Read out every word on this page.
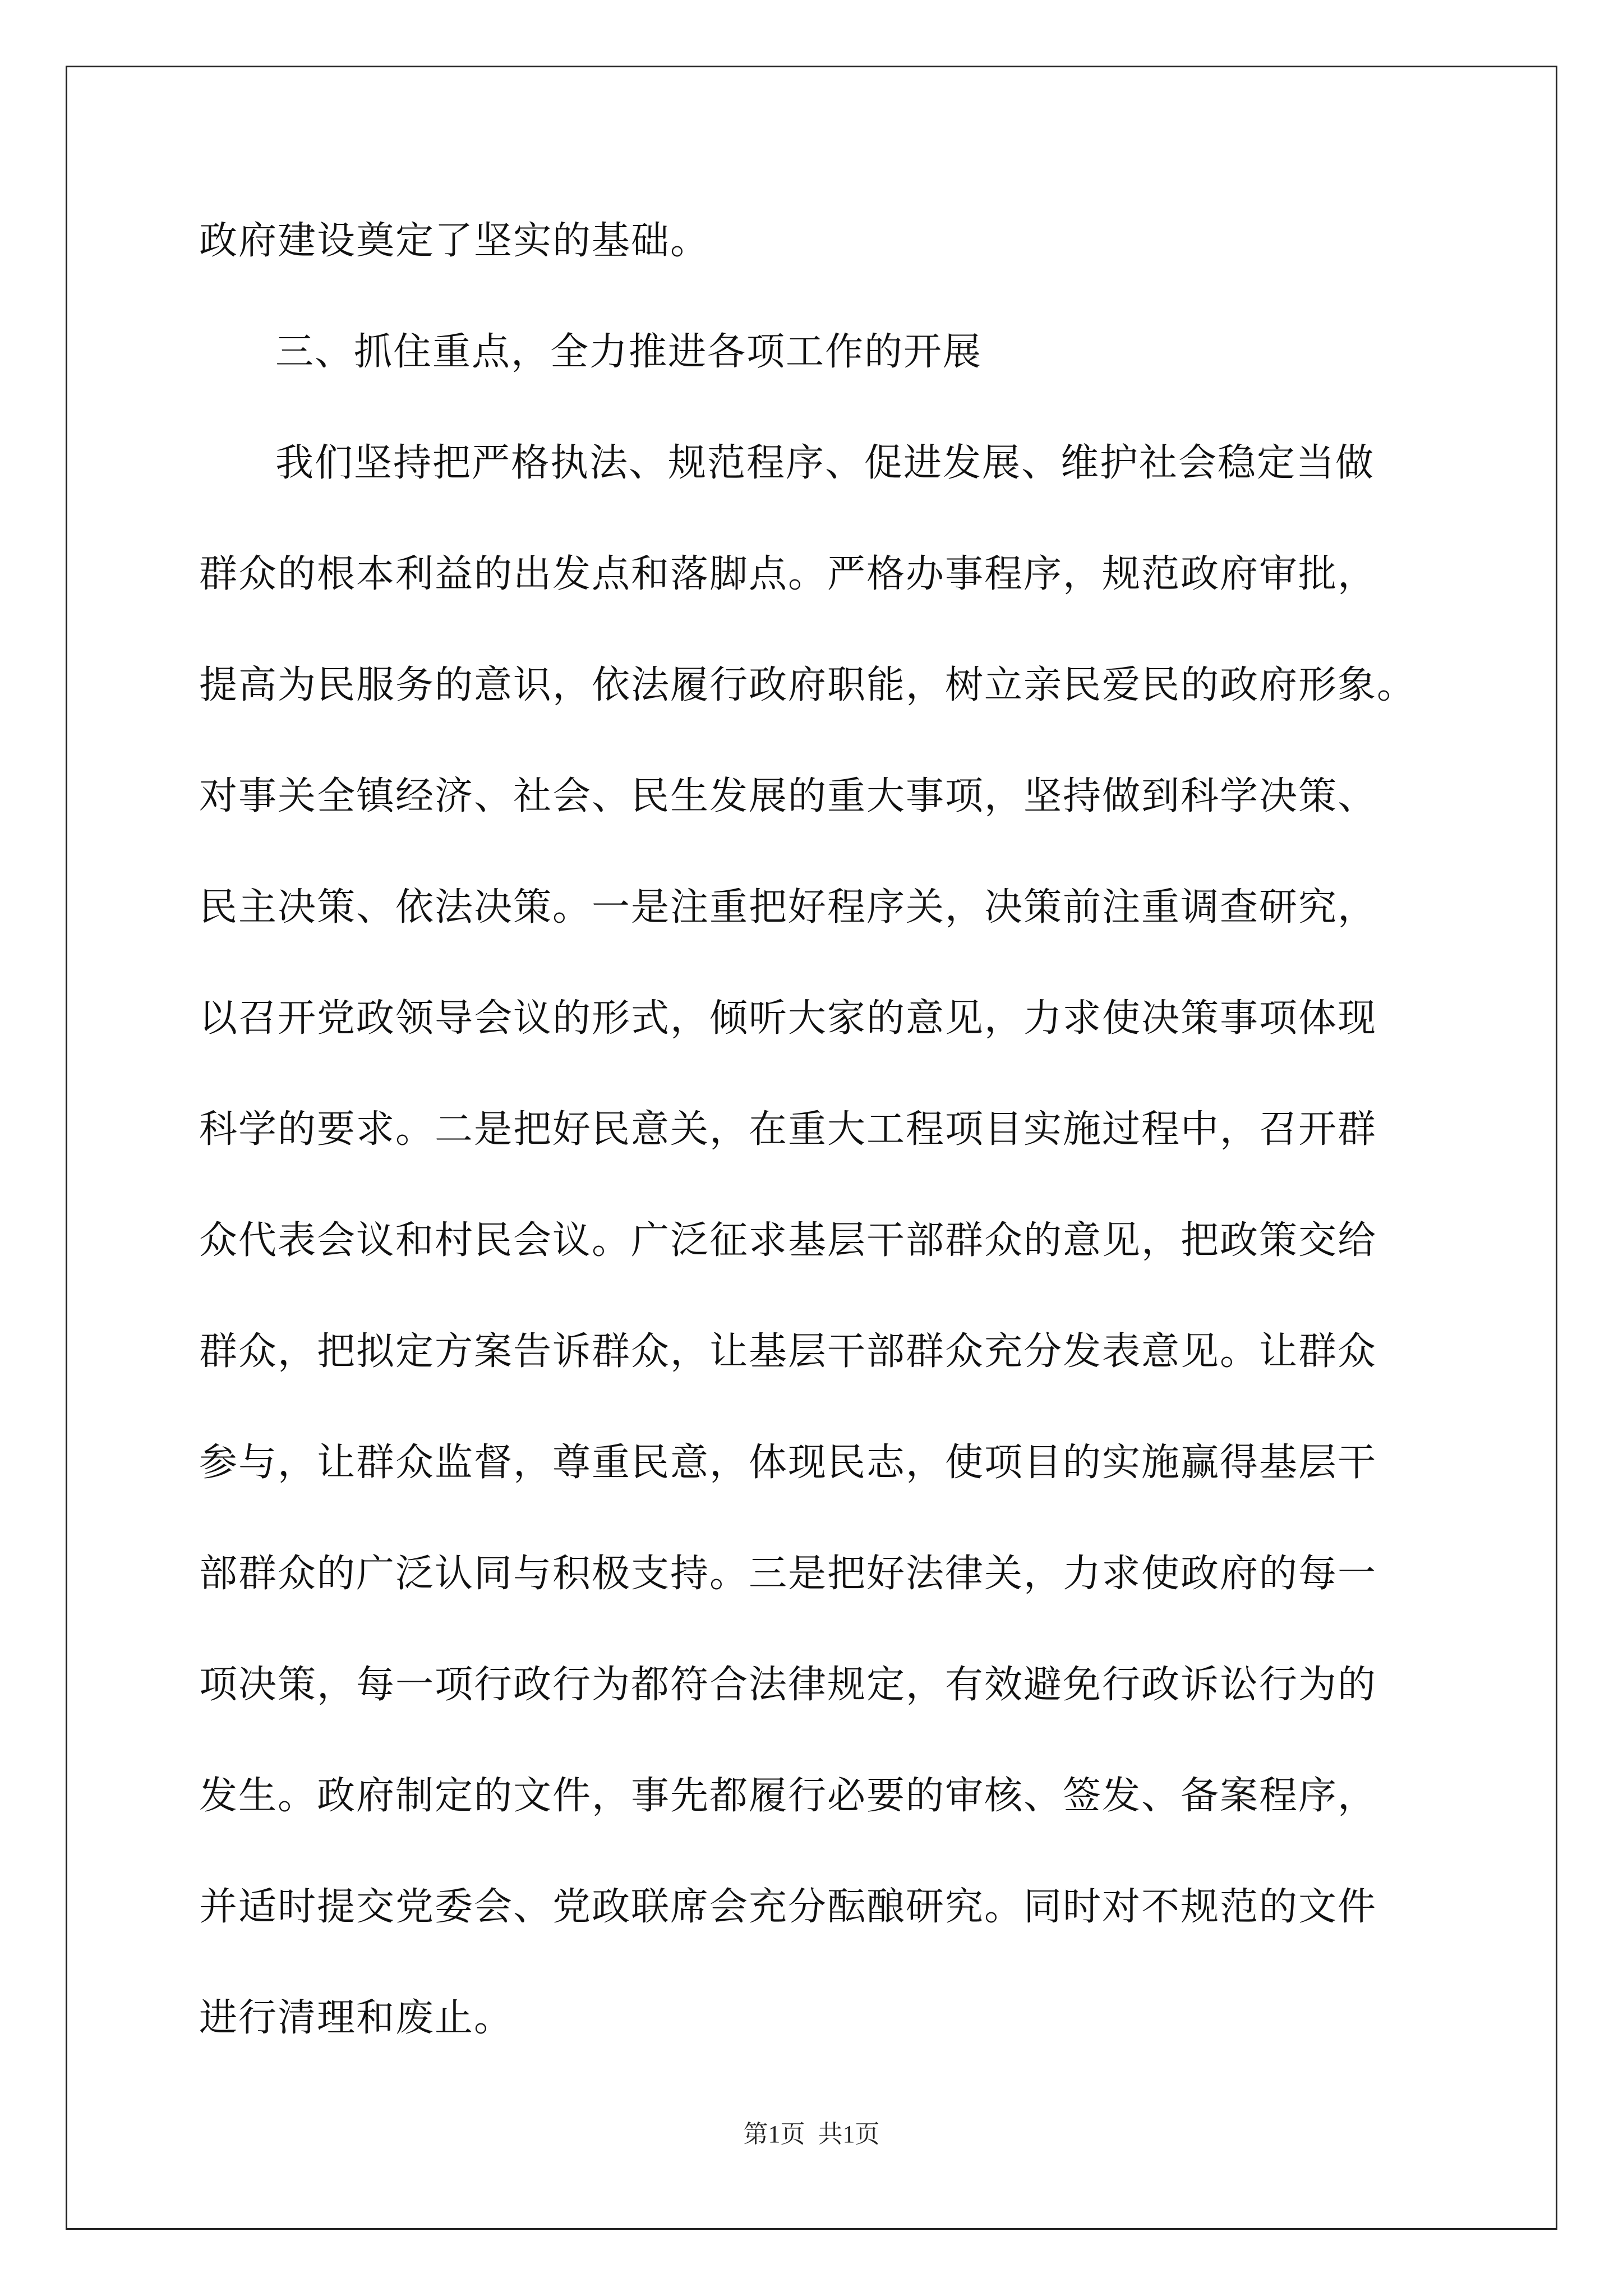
政府建设奠定了坚实的基础。
三、抓住重点，全力推进各项工作的开展
我们坚持把严格执法、规范程序、促进发展、维护社会稳定当做
群众的根本利益的出发点和落脚点。严格办事程序，规范政府审批，
提高为民服务的意识，依法履行政府职能，树立亲民爱民的政府形象。
对事关全镇经济、社会、民生发展的重大事项，坚持做到科学决策、
民主决策、依法决策。一是注重把好程序关，决策前注重调查研究，
以召开党政领导会议的形式，倾听大家的意见，力求使决策事项体现
科学的要求。二是把好民意关，在重大工程项目实施过程中，召开群
众代表会议和村民会议。广泛征求基层干部群众的意见，把政策交给
群众，把拟定方案告诉群众，让基层干部群众充分发表意见。让群众
参与，让群众监督，尊重民意，体现民志，使项目的实施赢得基层干
部群众的广泛认同与积极支持。三是把好法律关，力求使政府的每一
项决策，每一项行政行为都符合法律规定，有效避免行政诉讼行为的
发生。政府制定的文件，事先都履行必要的审核、签发、备案程序，
并适时提交党委会、党政联席会充分酝酿研究。同时对不规范的文件
进行清理和废止。
第1页 共1页
